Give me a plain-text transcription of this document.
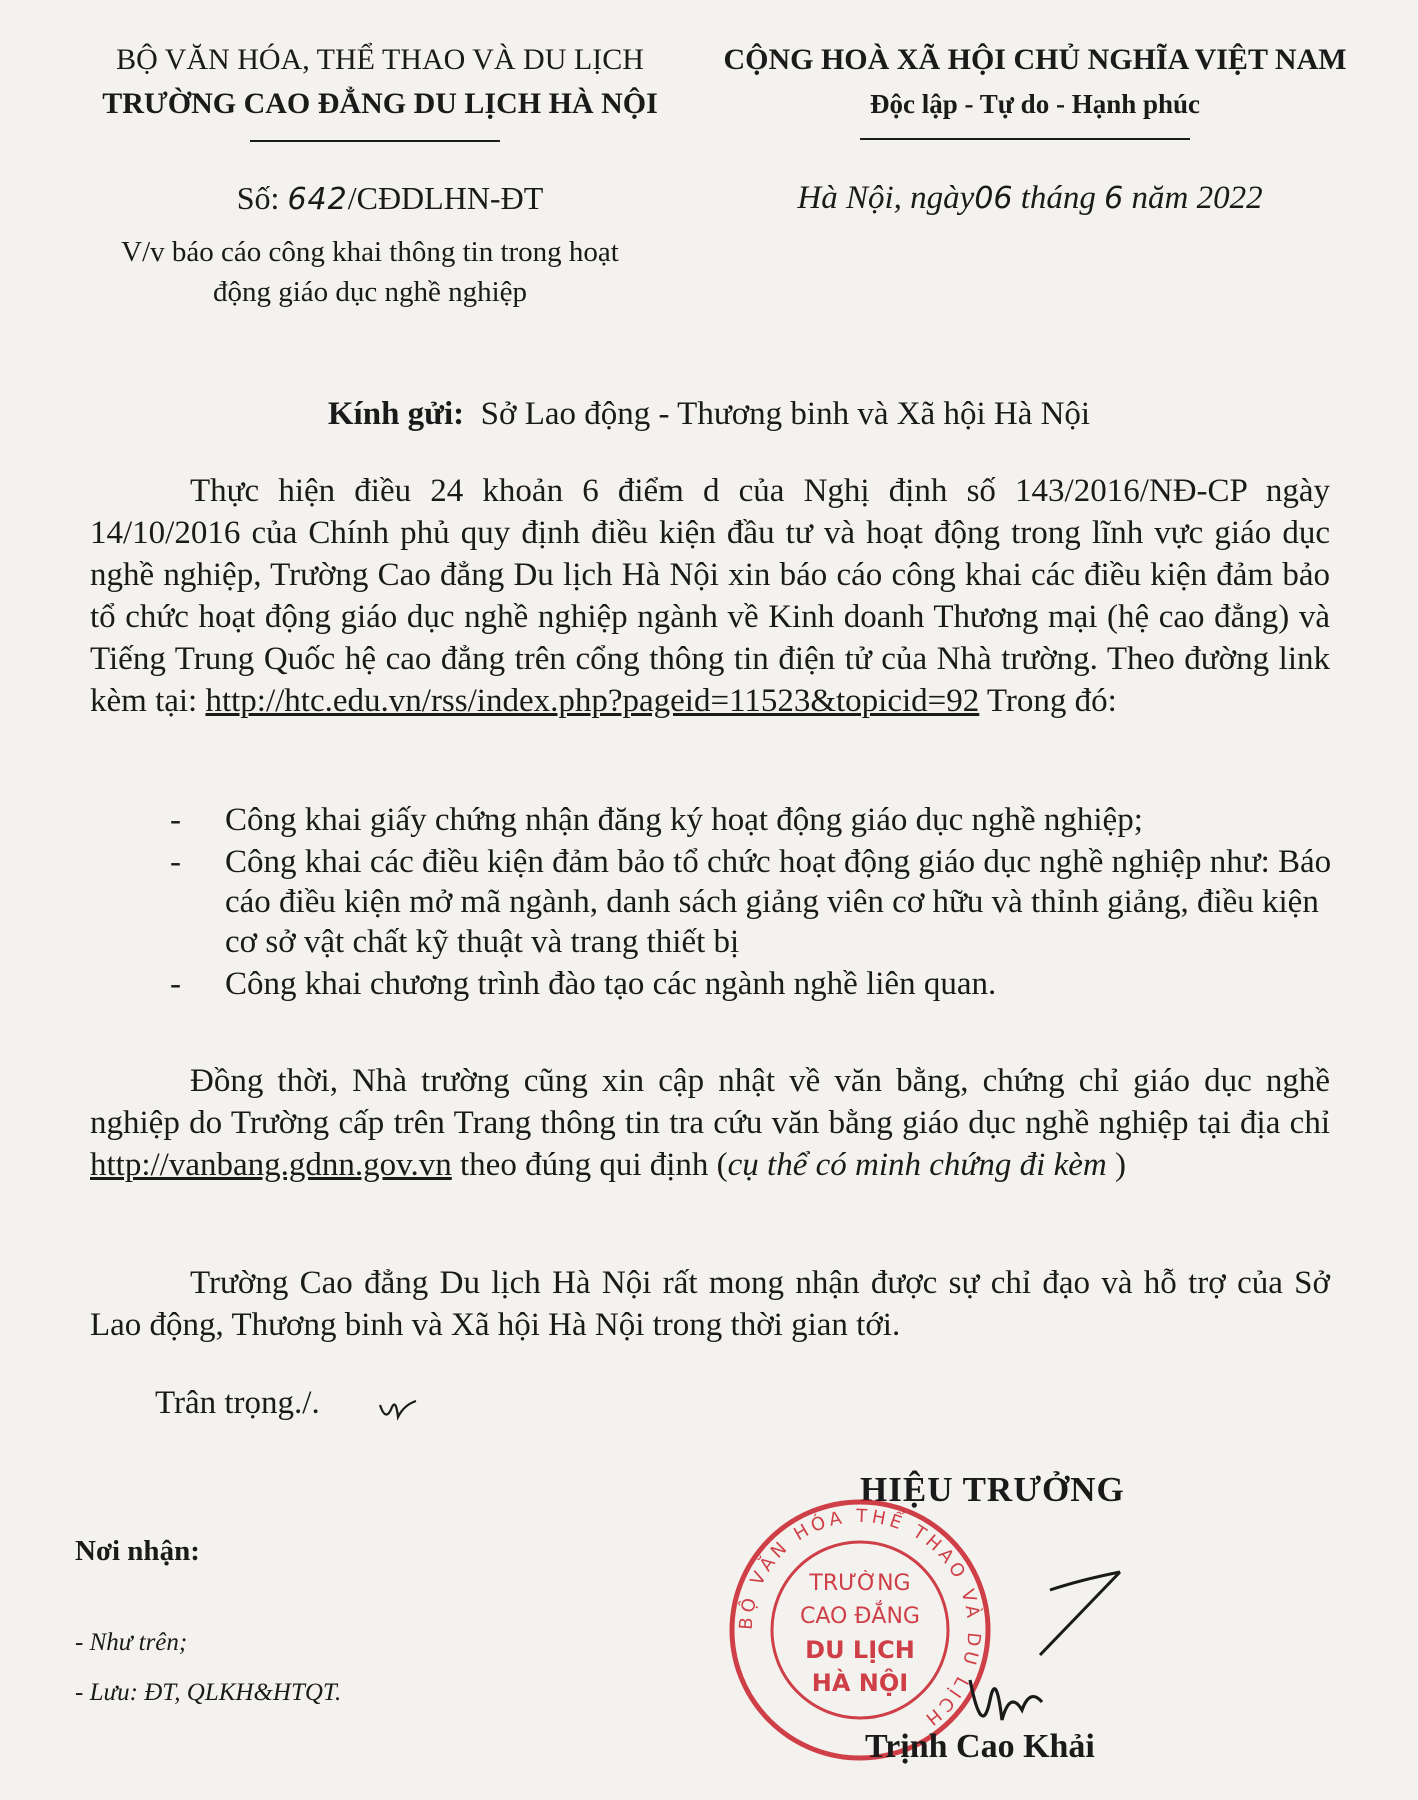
BỘ VĂN HÓA, THỂ THAO VÀ DU LỊCH
TRƯỜNG CAO ĐẲNG DU LỊCH HÀ NỘI
CỘNG HOÀ XÃ HỘI CHỦ NGHĨA VIỆT NAM
Độc lập - Tự do - Hạnh phúc
Số: 642/CĐDLHN-ĐT
V/v báo cáo công khai thông tin trong hoạt
động giáo dục nghề nghiệp
Hà Nội, ngày06 tháng 6 năm 2022
Kính gửi: Sở Lao động - Thương binh và Xã hội Hà Nội
Thực hiện điều 24 khoản 6 điểm d của Nghị định số 143/2016/NĐ-CP ngày 14/10/2016 của Chính phủ quy định điều kiện đầu tư và hoạt động trong lĩnh vực giáo dục nghề nghiệp, Trường Cao đẳng Du lịch Hà Nội xin báo cáo công khai các điều kiện đảm bảo tổ chức hoạt động giáo dục nghề nghiệp ngành về Kinh doanh Thương mại (hệ cao đẳng) và Tiếng Trung Quốc hệ cao đẳng trên cổng thông tin điện tử của Nhà trường. Theo đường link kèm tại: http://htc.edu.vn/rss/index.php?pageid=11523&topicid=92 Trong đó:
- Công khai giấy chứng nhận đăng ký hoạt động giáo dục nghề nghiệp;
- Công khai các điều kiện đảm bảo tổ chức hoạt động giáo dục nghề nghiệp như: Báo cáo điều kiện mở mã ngành, danh sách giảng viên cơ hữu và thỉnh giảng, điều kiện cơ sở vật chất kỹ thuật và trang thiết bị
- Công khai chương trình đào tạo các ngành nghề liên quan.
Đồng thời, Nhà trường cũng xin cập nhật về văn bằng, chứng chỉ giáo dục nghề nghiệp do Trường cấp trên Trang thông tin tra cứu văn bằng giáo dục nghề nghiệp tại địa chỉ http://vanbang.gdnn.gov.vn theo đúng qui định (cụ thể có minh chứng đi kèm )
Trường Cao đẳng Du lịch Hà Nội rất mong nhận được sự chỉ đạo và hỗ trợ của Sở Lao động, Thương binh và Xã hội Hà Nội trong thời gian tới.
Trân trọng./.
Nơi nhận:
- Như trên;
- Lưu: ĐT, QLKH&HTQT.
HIỆU TRƯỞNG
BỘ VĂN HÓA THỂ THAO VÀ DU LỊCH
TRƯỜNG
CAO ĐẲNG
DU LỊCH
HÀ NỘI
Trịnh Cao Khải
